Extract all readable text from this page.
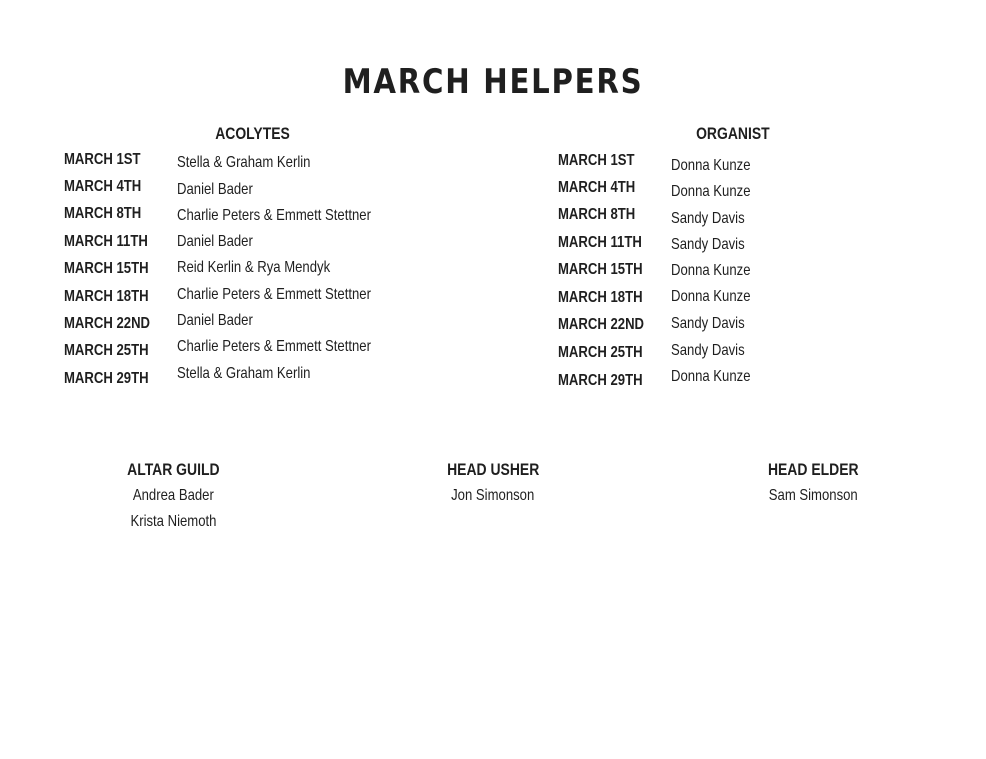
MARCH HELPERS
ACOLYTES
MARCH 1ST Stella & Graham Kerlin
MARCH 4TH Daniel Bader
MARCH 8TH Charlie Peters & Emmett Stettner
MARCH 11TH Daniel Bader
MARCH 15TH Reid Kerlin & Rya Mendyk
MARCH 18TH Charlie Peters & Emmett Stettner
MARCH 22ND Daniel Bader
MARCH 25TH Charlie Peters & Emmett Stettner
MARCH 29TH Stella & Graham Kerlin
ORGANIST
MARCH 1ST Donna Kunze
MARCH 4TH Donna Kunze
MARCH 8TH Sandy Davis
MARCH 11TH Sandy Davis
MARCH 15TH Donna Kunze
MARCH 18TH Donna Kunze
MARCH 22ND Sandy Davis
MARCH 25TH Sandy Davis
MARCH 29TH Donna Kunze
ALTAR GUILD
Andrea Bader
Krista Niemoth
HEAD USHER
Jon Simonson
HEAD ELDER
Sam Simonson
